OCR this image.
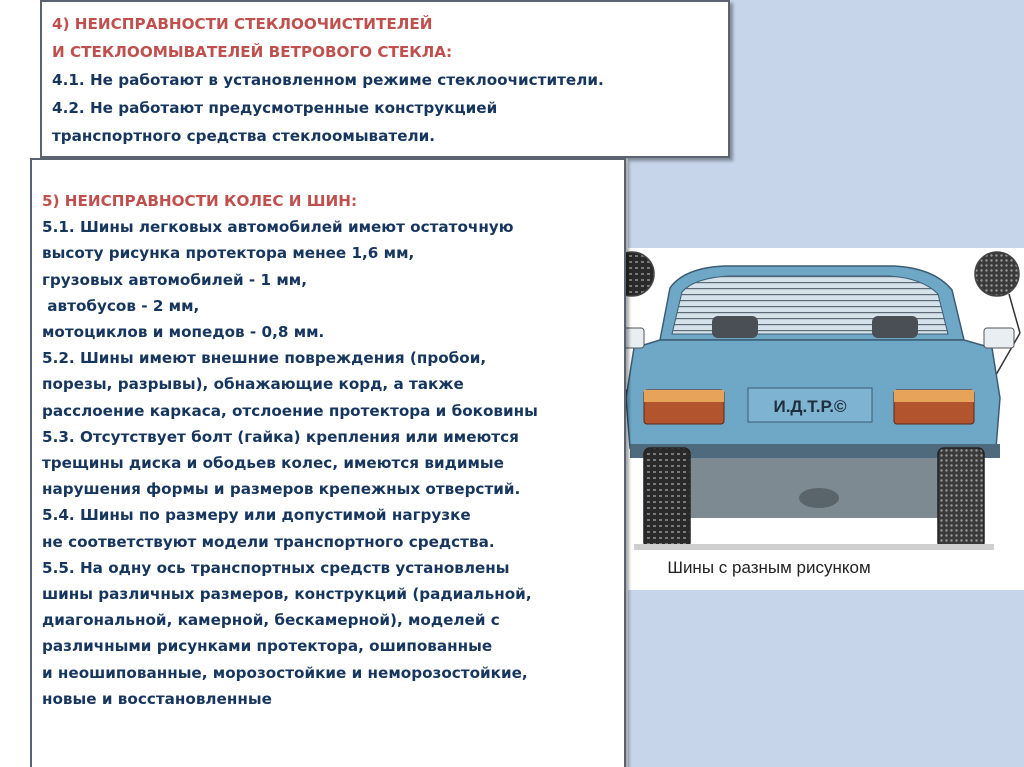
4) НЕИСПРАВНОСТИ СТЕКЛООЧИСТИТЕЛЕЙ
И СТЕКЛООМЫВАТЕЛЕЙ ВЕТРОВОГО СТЕКЛА:
4.1. Не работают в установленном режиме стеклоочистители.
4.2. Не работают предусмотренные конструкцией
транспортного средства стеклоомыватели.
И.Д.Т.Р.©
Шины с разным рисунком
5) НЕИСПРАВНОСТИ КОЛЕС И ШИН:
5.1. Шины легковых автомобилей имеют остаточную
высоту рисунка протектора менее 1,6 мм,
грузовых автомобилей - 1 мм,
автобусов - 2 мм,
мотоциклов и мопедов - 0,8 мм.
5.2. Шины имеют внешние повреждения (пробои,
порезы, разрывы), обнажающие корд, а также
расслоение каркаса, отслоение протектора и боковины
5.3. Отсутствует болт (гайка) крепления или имеются
трещины диска и ободьев колес, имеются видимые
нарушения формы и размеров крепежных отверстий.
5.4. Шины по размеру или допустимой нагрузке
не соответствуют модели транспортного средства.
5.5. На одну ось транспортных средств установлены
шины различных размеров, конструкций (радиальной,
диагональной, камерной, бескамерной), моделей с
различными рисунками протектора, ошипованные
и неошипованные, морозостойкие и неморозостойкие,
новые и восстановленные
